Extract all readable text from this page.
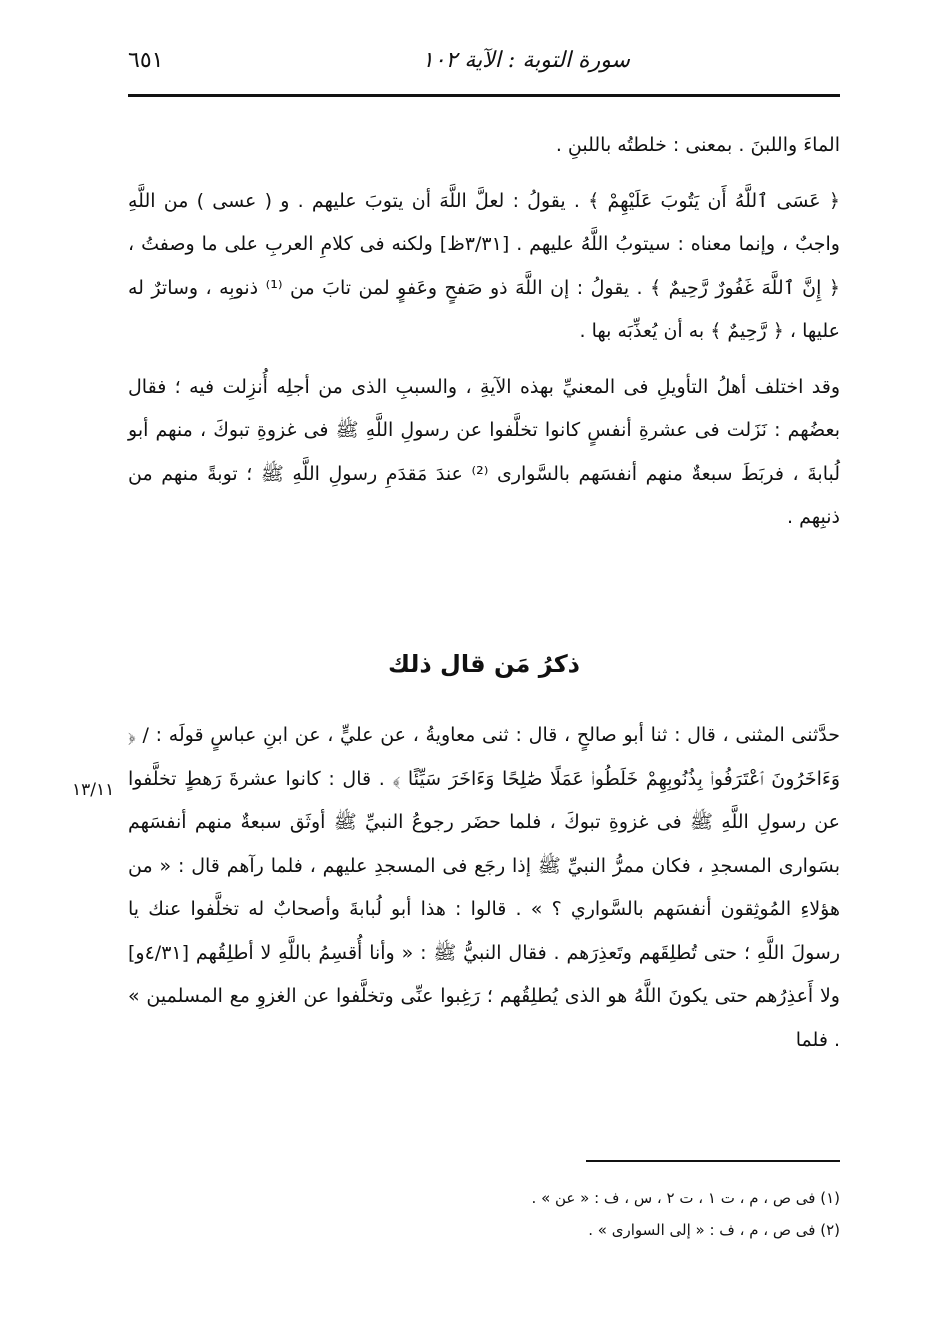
سورة التوبة : الآية ١٠٢
٦٥١

الماءَ واللبنَ . بمعنى : خلطتُه باللبنِ .

﴿ عَسَى ٱللَّهُ أَن يَتُوبَ عَلَيْهِمْ ﴾ . يقولُ : لعلَّ اللَّهَ أن يتوبَ عليهم . و ( عسى ) من اللَّهِ واجبٌ ، وإنما معناه : سيتوبُ اللَّهُ عليهم . [٣/٣١ظ] ولكنه فى كلامِ العربِ على ما وصفتُ ، ﴿ إِنَّ ٱللَّهَ غَفُورٌ رَّحِيمٌ ﴾ . يقولُ : إن اللَّهَ ذو صَفحٍ وعَفوٍ لمن تابَ من ⁽¹⁾ ذنوبِه ، وساترٌ له عليها ، ﴿ رَّحِيمٌ ﴾ به أن يُعذِّبَه بها .

وقد اختلف أهلُ التأويلِ فى المعنيِّ بهذه الآيةِ ، والسببِ الذى من أجلِه أُنزِلت فيه ؛ فقال بعضُهم : نَزَلت فى عشرةِ أنفسٍ كانوا تخلَّفوا عن رسولِ اللَّهِ ﷺ فى غزوةِ تبوكَ ، منهم أبو لُبابةَ ، فربَطَ سبعةٌ منهم أنفسَهم بالسَّوارى ⁽²⁾ عندَ مَقدَمِ رسولِ اللَّهِ ﷺ ؛ توبةً منهم من ذنبِهم .

ذكرُ مَن قال ذلك

حدَّثنى المثنى ، قال : ثنا أبو صالحٍ ، قال : ثنى معاويةُ ، عن عليٍّ ، عن ابنِ عباسٍ قولَه : / ﴿ وَءَاخَرُونَ ٱعْتَرَفُوا۟ بِذُنُوبِهِمْ خَلَطُوا۟ عَمَلًا صَٰلِحًا وَءَاخَرَ سَيِّئًا ﴾ . قال : كانوا عشرةَ رَهطٍ تخلَّفوا عن رسولِ اللَّهِ ﷺ فى غزوةِ تبوكَ ، فلما حضَر رجوعُ النبيِّ ﷺ أوثَق سبعةٌ منهم أنفسَهم بسَوارى المسجدِ ، فكان ممرُّ النبيِّ ﷺ إذا رجَع فى المسجدِ عليهم ، فلما رآهم قال : « من هؤلاءِ المُوثِقون أنفسَهم بالسَّواري ؟ » . قالوا : هذا أبو لُبابةَ وأصحابٌ له تخلَّفوا عنك يا رسولَ اللَّهِ ؛ حتى تُطلِقَهم وتَعذِرَهم . فقال النبيُّ ﷺ : « وأنا أُقسِمُ باللَّهِ لا أطلِقُهم [٤/٣١و] ولا أَعذِرُهم حتى يكونَ اللَّهُ هو الذى يُطلِقُهم ؛ رَغِبوا عنِّى وتخلَّفوا عن الغزوِ مع المسلمين » . فلما

١٣/١١
(١) فى ص ، م ، ت ١ ، ت ٢ ، س ، ف : « عن » .
(٢) فى ص ، م ، ف : « إلى السوارى » .
